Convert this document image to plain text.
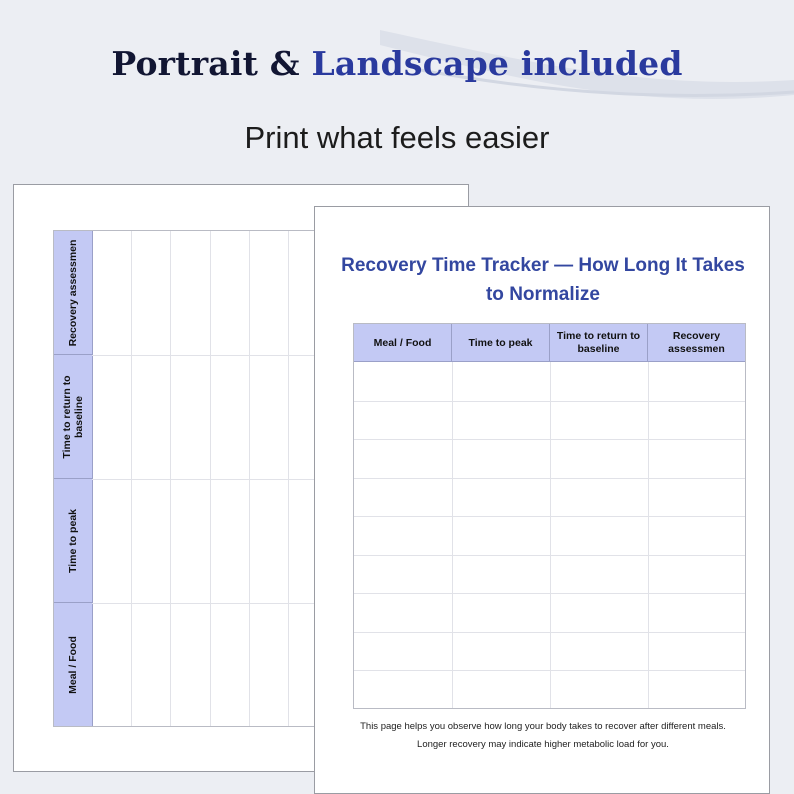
Portrait & Landscape included
Print what feels easier
Recovery assessmen
Time to return to baseline
Time to peak
Meal / Food
Recovery Time Tracker — How Long It Takes to Normalize
Meal / Food	Time to peak
Time to return to baseline
Recovery assessmen
This page helps you observe how long your body takes to recover after different meals.
Longer recovery may indicate higher metabolic load for you.
